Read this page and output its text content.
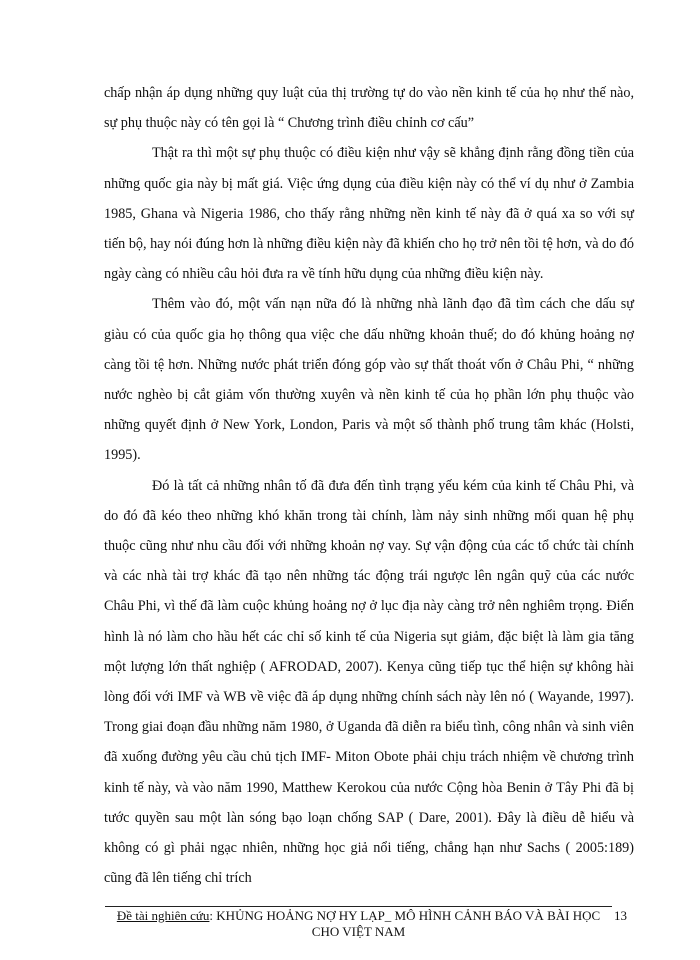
chấp nhận áp dụng những quy luật của thị trường tự do vào nền kinh tế của họ như thế nào, sự phụ thuộc này có tên gọi là “ Chương trình điều chỉnh cơ cấu”

Thật ra thì một sự phụ thuộc có điều kiện như vậy sẽ khẳng định rằng đồng tiền của những quốc gia này bị mất giá. Việc ứng dụng của điều kiện này có thể ví dụ như ở Zambia 1985, Ghana và Nigeria 1986, cho thấy rằng những nền kinh tế này đã ở quá xa so với sự tiến bộ, hay nói đúng hơn là những điều kiện này đã khiến cho họ trở nên tồi tệ hơn, và do đó ngày càng có nhiều câu hỏi đưa ra về tính hữu dụng của những điều kiện này.

Thêm vào đó, một vấn nạn nữa đó là những nhà lãnh đạo đã tìm cách che dấu sự giàu có của quốc gia họ thông qua việc che dấu những khoản thuế; do đó khủng hoảng nợ càng tồi tệ hơn. Những nước phát triển đóng góp vào sự thất thoát vốn ở Châu Phi, “ những nước nghèo bị cắt giảm vốn thường xuyên và nền kinh tế của họ phần lớn phụ thuộc vào những quyết định ở New York, London, Paris và một số thành phố trung tâm khác (Holsti, 1995).

Đó là tất cả những nhân tố đã đưa đến tình trạng yếu kém của kinh tế Châu Phi, và do đó đã kéo theo những khó khăn trong tài chính, làm nảy sinh những mối quan hệ phụ thuộc cũng như nhu cầu đối với những khoản nợ vay. Sự vận động của các tổ chức tài chính và các nhà tài trợ khác đã tạo nên những tác động trái ngược lên ngân quỹ của các nước Châu Phi, vì thế đã làm cuộc khủng hoảng nợ ở lục địa này càng trở nên nghiêm trọng. Điển hình là nó làm cho hầu hết các chỉ số kinh tế của Nigeria sụt giảm, đặc biệt là làm gia tăng một lượng lớn thất nghiệp ( AFRODAD, 2007). Kenya cũng tiếp tục thể hiện sự không hài lòng đối với IMF và WB về việc đã áp dụng những chính sách này lên nó ( Wayande, 1997). Trong giai đoạn đầu những năm 1980, ở Uganda đã diễn ra biểu tình, công nhân và sinh viên đã xuống đường yêu cầu chủ tịch IMF- Miton Obote phải chịu trách nhiệm về chương trình kinh tế này, và vào năm 1990, Matthew Kerokou của nước Cộng hòa Benin ở Tây Phi đã bị tước quyền sau một làn sóng bạo loạn chống SAP ( Dare, 2001). Đây là điều dễ hiểu và không có gì phải ngạc nhiên, những học giả nổi tiếng, chẳng hạn như Sachs ( 2005:189) cũng đã lên tiếng chỉ trích

Đề tài nghiên cứu: KHỦNG HOẢNG NỢ HY LẠP_ MÔ HÌNH CẢNH BÁO VÀ BÀI HỌC CHO VIỆT NAM
13
